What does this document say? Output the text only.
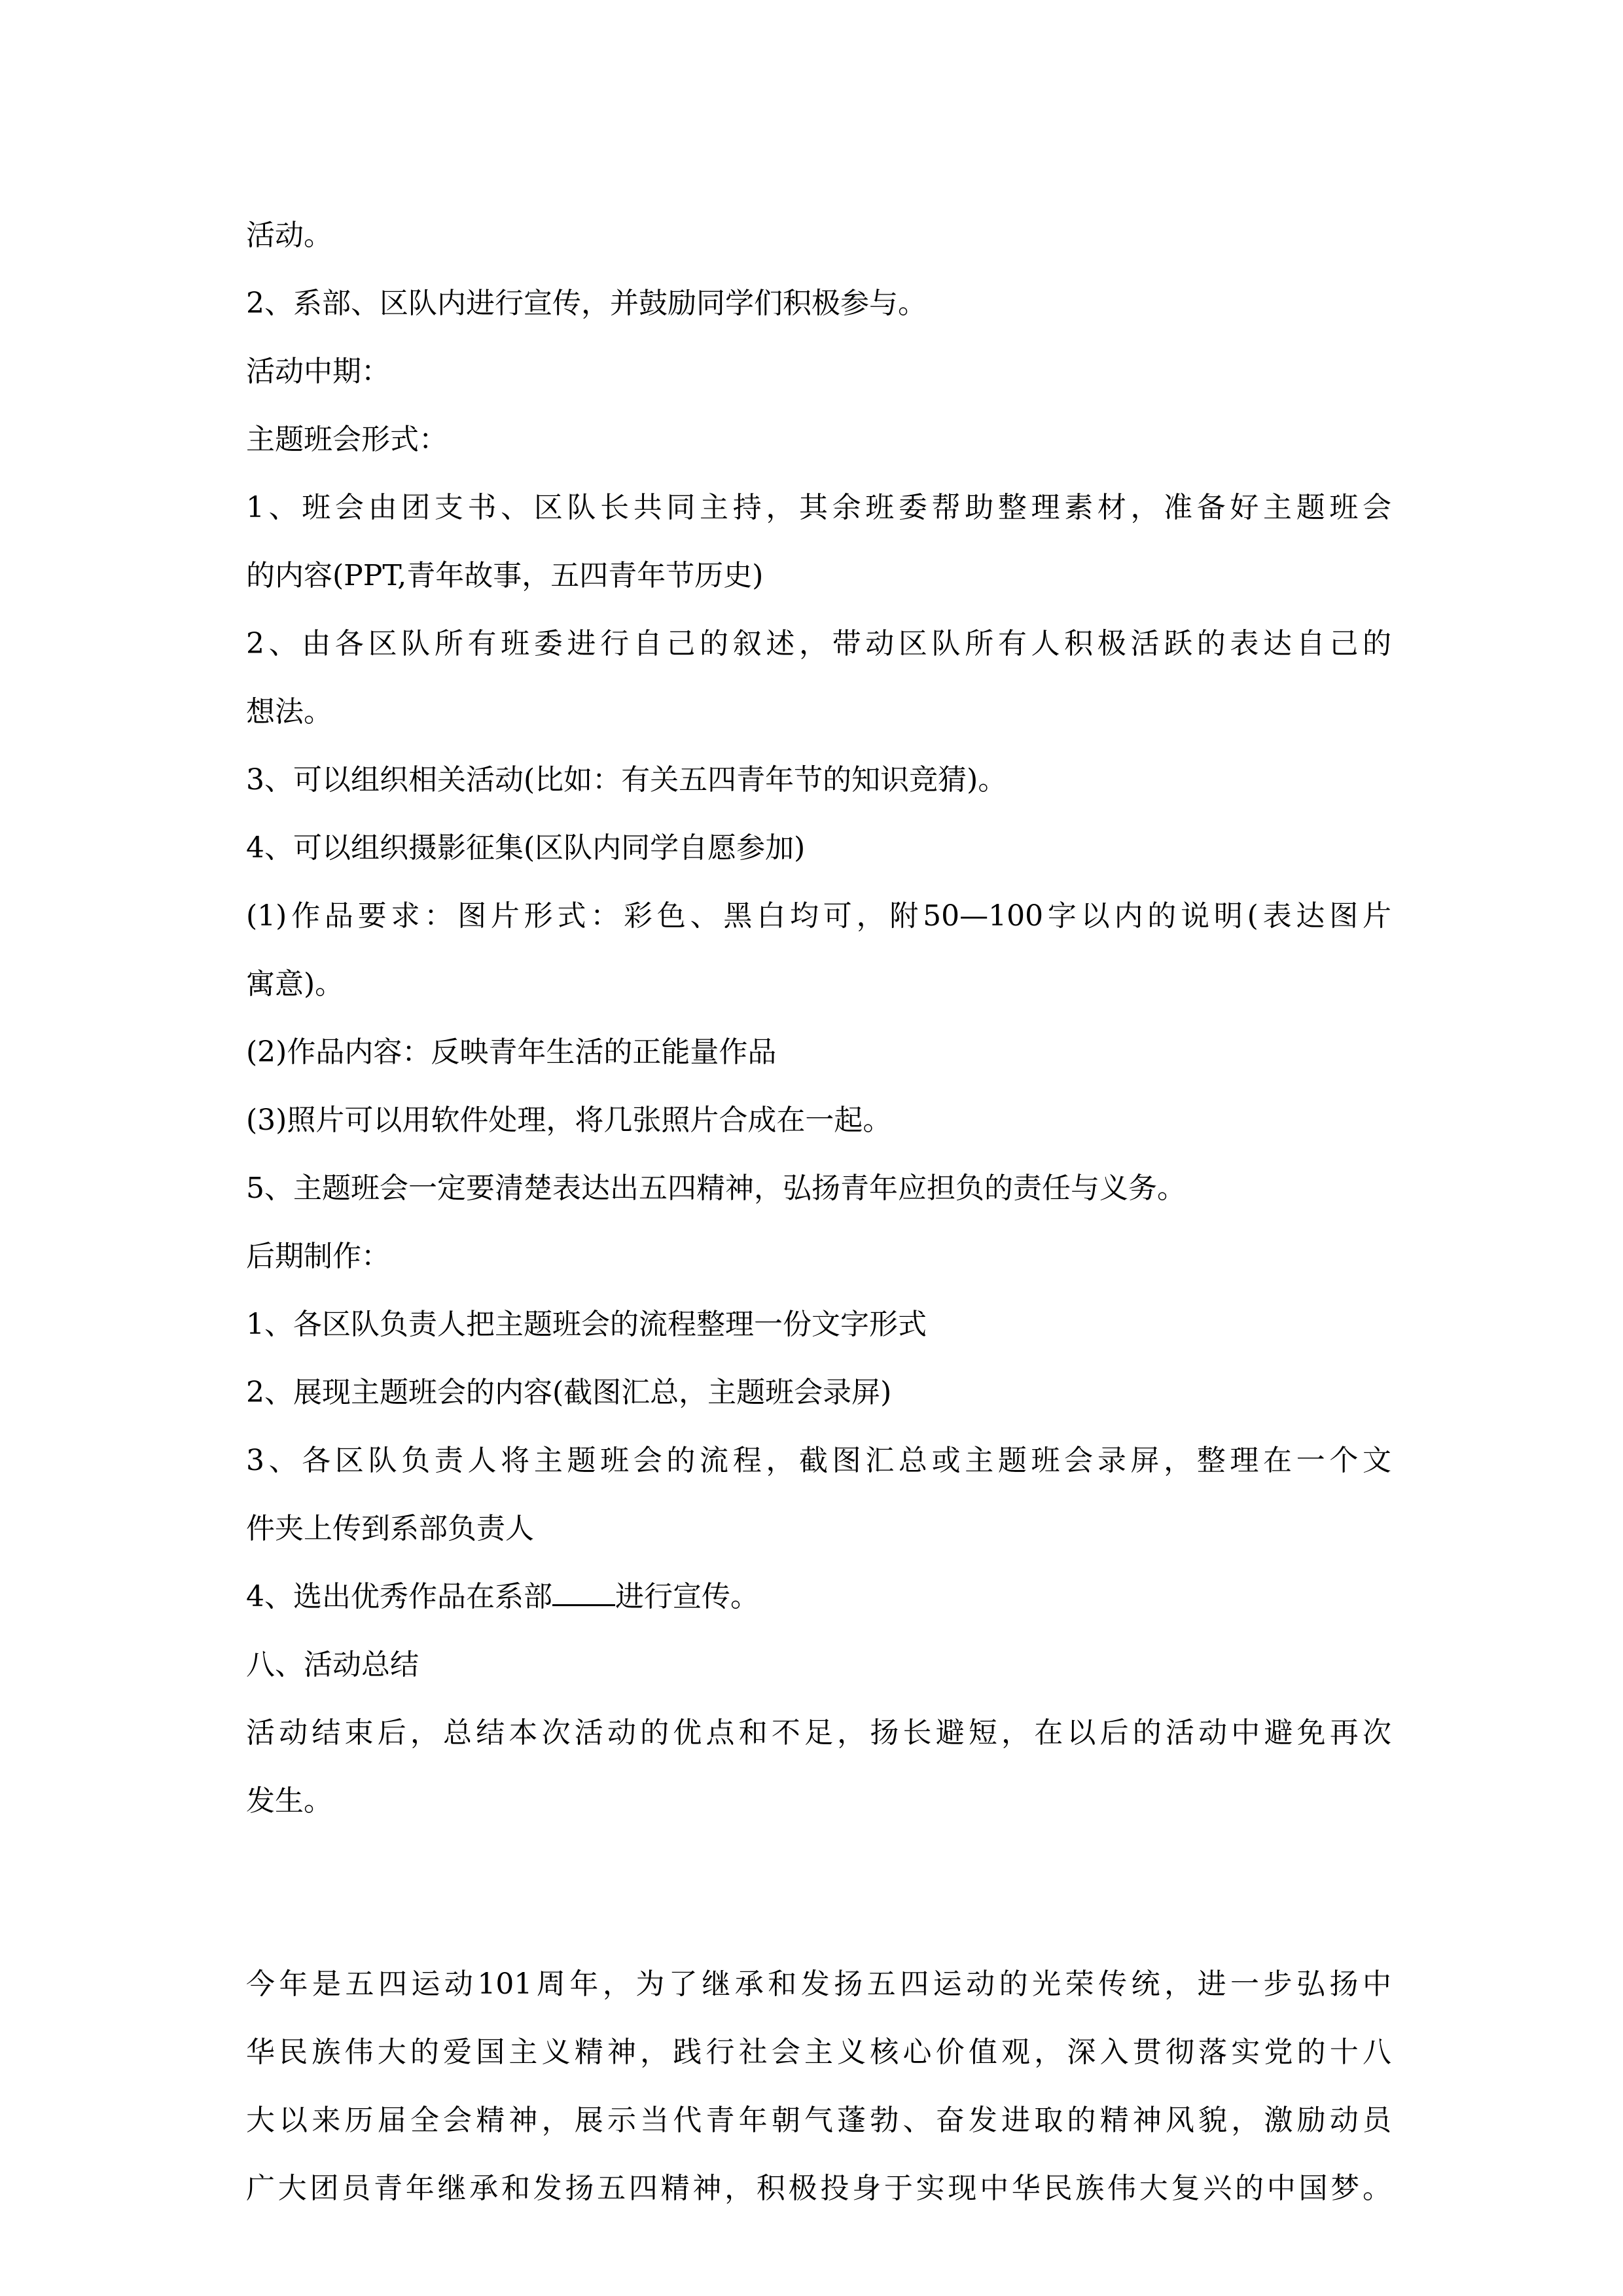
活动。

2、系部、区队内进行宣传，并鼓励同学们积极参与。

活动中期：

主题班会形式：

1、班会由团支书、区队长共同主持，其余班委帮助整理素材，准备好主题班会

的内容(PPT,青年故事，五四青年节历史)

2、由各区队所有班委进行自己的叙述，带动区队所有人积极活跃的表达自己的

想法。

3、可以组织相关活动(比如：有关五四青年节的知识竞猜)。

4、可以组织摄影征集(区队内同学自愿参加)

(1)作品要求：图片形式：彩色、黑白均可，附50—100字以内的说明(表达图片

寓意)。

(2)作品内容：反映青年生活的正能量作品

(3)照片可以用软件处理，将几张照片合成在一起。

5、主题班会一定要清楚表达出五四精神，弘扬青年应担负的责任与义务。

后期制作：

1、各区队负责人把主题班会的流程整理一份文字形式

2、展现主题班会的内容(截图汇总，主题班会录屏)

3、各区队负责人将主题班会的流程，截图汇总或主题班会录屏，整理在一个文

件夹上传到系部负责人

4、选出优秀作品在系部 进行宣传。

八、活动总结

活动结束后，总结本次活动的优点和不足，扬长避短，在以后的活动中避免再次

发生。

今年是五四运动101周年，为了继承和发扬五四运动的光荣传统，进一步弘扬中

华民族伟大的爱国主义精神，践行社会主义核心价值观，深入贯彻落实党的十八

大以来历届全会精神，展示当代青年朝气蓬勃、奋发进取的精神风貌，激励动员

广大团员青年继承和发扬五四精神，积极投身于实现中华民族伟大复兴的中国梦。
